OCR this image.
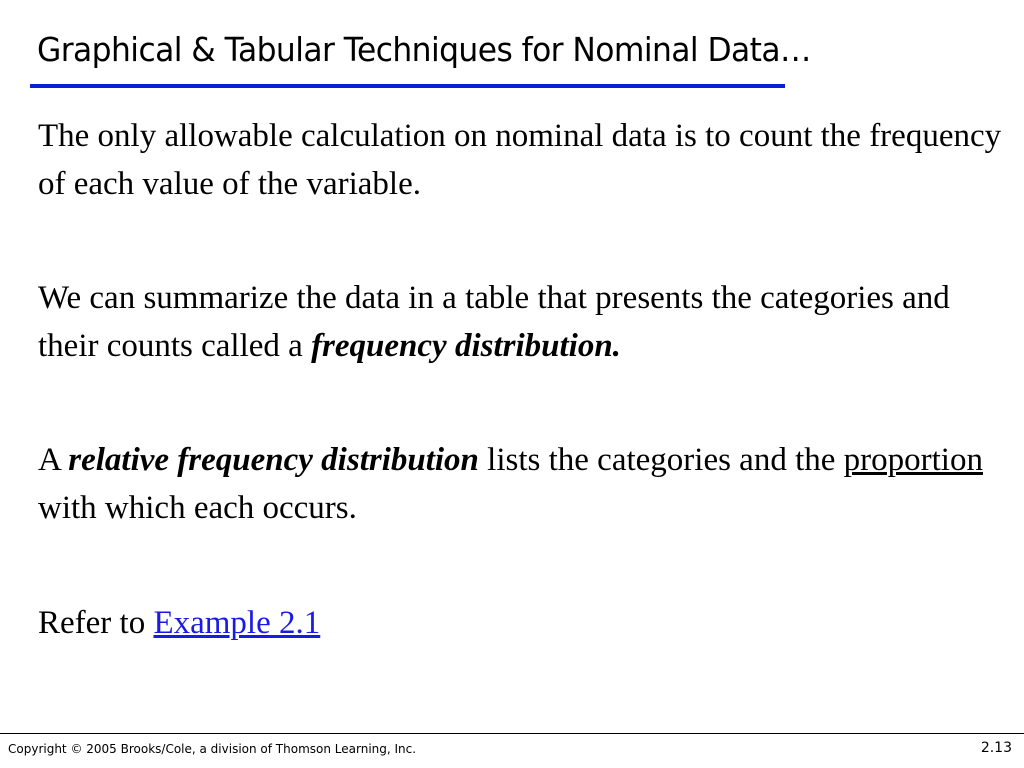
Graphical & Tabular Techniques for Nominal Data…
The only allowable calculation on nominal data is to count the frequency of each value of the variable.
We can summarize the data in a table that presents the categories and their counts called a frequency distribution.
A relative frequency distribution lists the categories and the proportion with which each occurs.
Refer to Example 2.1
Copyright © 2005 Brooks/Cole, a division of Thomson Learning, Inc.	2.13
